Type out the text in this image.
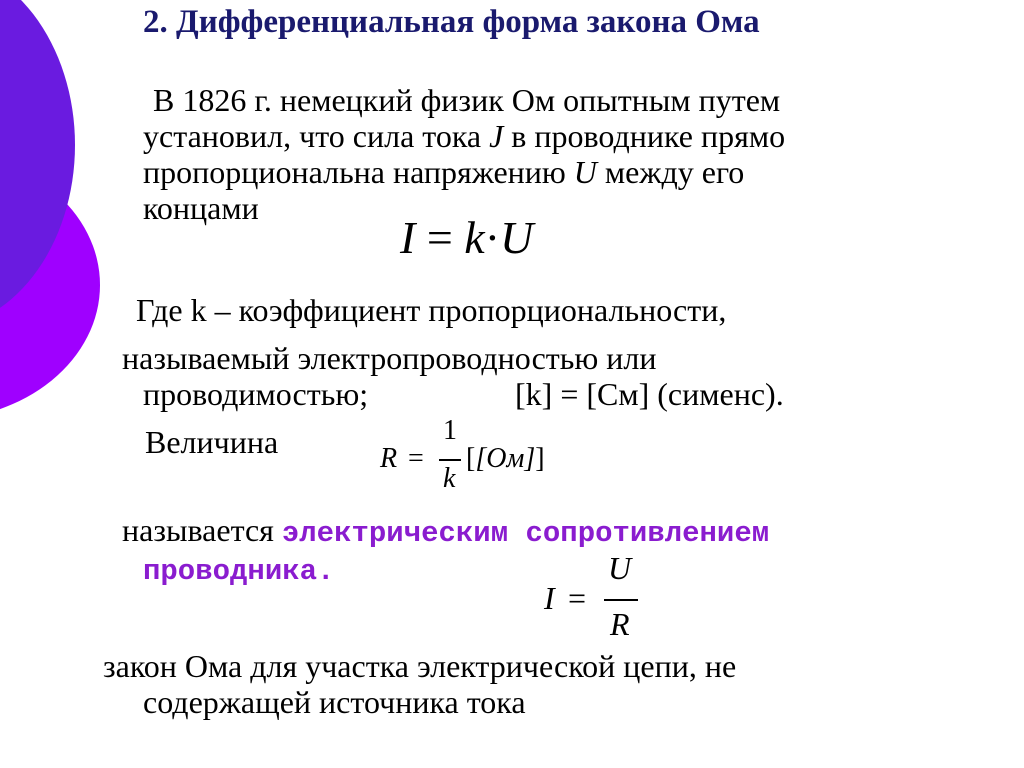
2. Дифференциальная форма закона Ома

В 1826 г. немецкий физик Ом опытным путем

установил, что сила тока J в проводнике прямо

пропорциональна напряжению U между его

концами

I = k·U

Где k – коэффициент пропорциональности,

называемый электропроводностью или

проводимостью;	[k] = [См] (сименс).

Величина	R =
1
k
[[Ом]]

называется электрическим сопротивлением

проводника.

I =
U
R

закон Ома для участка электрической цепи, не

содержащей источника тока
